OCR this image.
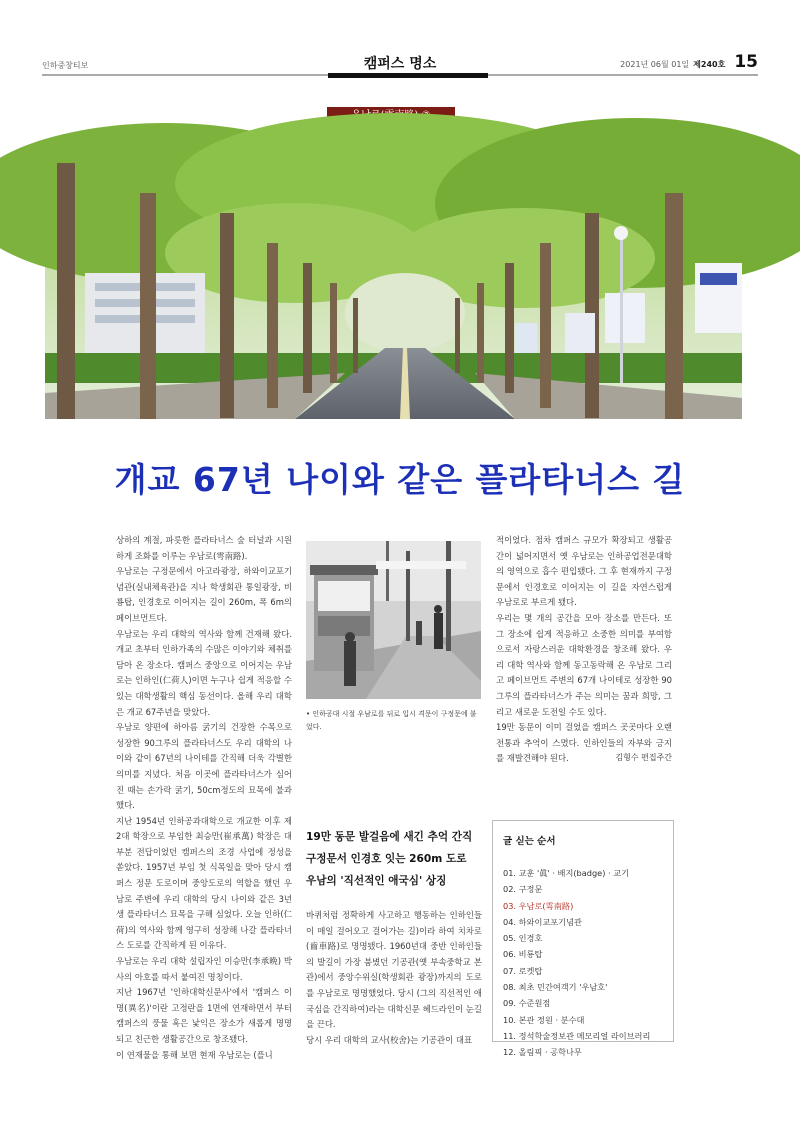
인하중창티보	캠퍼스 명소	2021년 06월 01일 제240호 15
개교 67년 나이와 같은 플라타너스 길

상하의 계절, 파릇한 플라타너스 숲 터널과 시원하게 조화를 이루는 우남로(雩南路).

우남로는 구정문에서 아고라광장, 하와이교포기념관(실내체육관)을 지나 학생회관 통일광장, 비룡탑, 인경호로 이어지는 길이 260m, 폭 6m의 페이브먼트다.

우남로는 우리 대학의 역사와 함께 건재해 왔다. 개교 초부터 인하가족의 수많은 이야기와 체취를 담아 온 장소다. 캠퍼스 중앙으로 이어지는 우남로는 인하인(仁荷人)이면 누구나 쉽게 적응할 수 있는 대학생활의 핵심 동선이다. 올해 우리 대학은 개교 67주년을 맞았다.

우남로 양편에 하아름 굵기의 건장한 수목으로 성장한 90그루의 플라타너스도 우리 대학의 나이와 같이 67년의 나이테를 간직해 더욱 각별한 의미를 지녔다. 처음 이곳에 플라타너스가 심어진 때는 손가락 굵기, 50cm정도의 묘목에 불과했다.

지난 1954년 인하공과대학으로 개교한 이후 제2대 학장으로 부임한 최승만(崔承萬) 학장은 대부분 전답이었던 캠퍼스의 조경 사업에 정성을 쏟았다. 1957년 부임 첫 식목일을 맞아 당시 캠퍼스 정문 도로이며 중앙도로의 역할을 했던 우남로 주변에 우리 대학의 당시 나이와 같은 3년생 플라타너스 묘목을 구해 심었다. 오늘 인하(仁荷)의 역사와 함께 영구히 성장해 나갈 플라타너스 도로를 간직하게 된 이유다.

우남로는 우리 대학 설립자인 이승만(李承晩) 박사의 아호를 따서 붙여진 명칭이다.

지난 1967년 '인하대학신문사'에서 '캠퍼스 이명(異名)'이란 고정란을 1면에 연재하면서 부터 캠퍼스의 풍물 혹은 낯익은 장소가 새롭게 명명되고 친근한 생활공간으로 창조됐다.

이 연재물을 통해 보면 현재 우남로는 (플니

• 인하공대 시절 우남로를 뒤로 입시 격문이 구정문에 붙었다.
19만 동문 발걸음에 새긴 추억 간직
구정문서 인경호 잇는 260m 도로
우남의 '직선적인 애국심' 상징

바퀴처럼 정확하게 사고하고 행동하는 인하인들이 매일 걸어오고 걸어가는 길)이라 하여 치차로(齒車路)로 명명됐다. 1960년대 중반 인하인들의 발길이 가장 붐볐던 기공관(옛 부속중학교 본관)에서 중앙수위실(학생회관 광장)까지의 도로를 우남로로 명명했었다. 당시 (그의 직선적인 애국심을 간직하여)라는 대학신문 헤드라인이 눈길을 끈다.

당시 우리 대학의 교사(校舍)는 기공관이 대표

적이었다. 점차 캠퍼스 규모가 확장되고 생활공간이 넓어지면서 옛 우남로는 인하공업전문대학의 영역으로 흡수 편입됐다. 그 후 현재까지 구정문에서 인경호로 이어지는 이 길을 자연스럽게 우남로로 부르게 됐다.

우리는 몇 개의 공간을 모아 장소를 만든다. 또 그 장소에 쉽게 적응하고 소중한 의미를 부여함으로서 자랑스러운 대학환경을 창조해 왔다. 우리 대학 역사와 함께 동고동락해 온 우남로 그리고 페이브먼트 주변의 67개 나이테로 성장한 90그루의 플라타너스가 주는 의미는 꿈과 희망, 그리고 새로운 도전일 수도 있다.

19만 동문이 이미 걸었을 캠퍼스 곳곳마다 오랜 전통과 추억이 스몄다. 인하인들의 자부와 긍지를 재발견해야 된다.	김형수 편집주간
글 싣는 순서
01. 교훈 '眞' · 배지(badge) · 교기
02. 구정문
03. 우남로(雩南路)
04. 하와이교포기념관
05. 인경호
06. 비룡탑
07. 로켓탑
08. 최초 민간여객기 '우남호'
09. 수준원점
10. 본관 정원 · 분수대
11. 정석학술정보관 메모리얼 라이브러리
12. 올림픽 · 공학나무
